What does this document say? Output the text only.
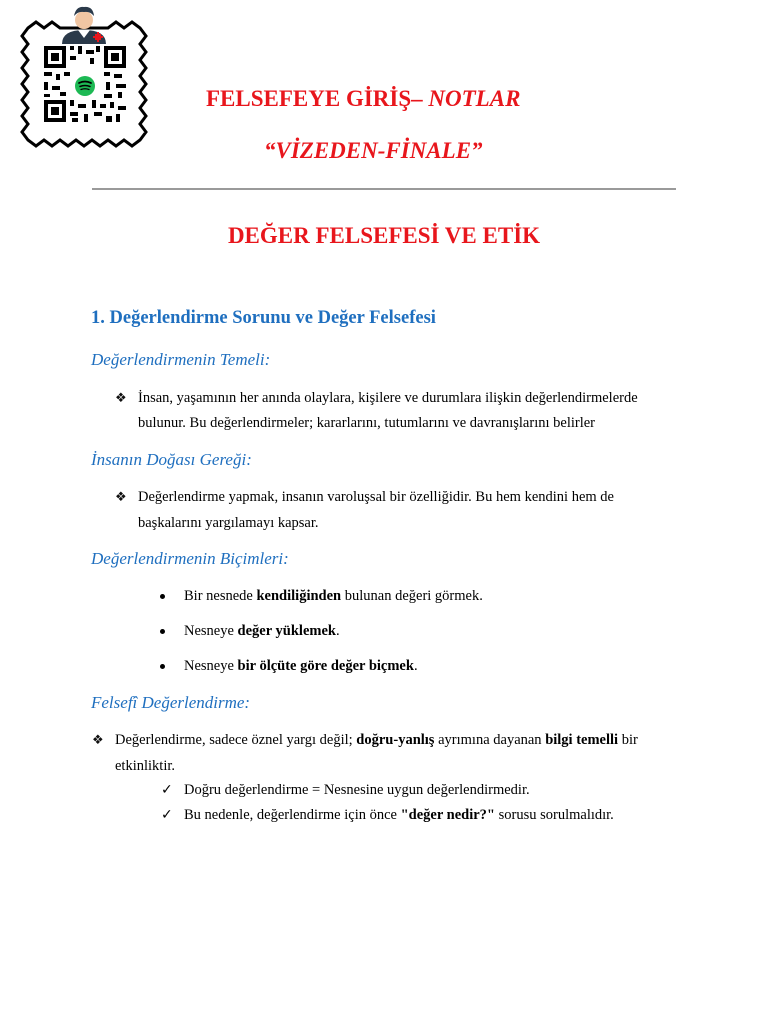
FELSEFEYE GİRİŞ– NOTLAR
“VİZEDEN-FİNALE”
DEĞER FELSEFESİ VE ETİK
1. Değerlendirme Sorunu ve Değer Felsefesi
Değerlendirmenin Temeli:
❖ İnsan, yaşamının her anında olaylara, kişilere ve durumlara ilişkin değerlendirmelerde
bulunur. Bu değerlendirmeler; kararlarını, tutumlarını ve davranışlarını belirler
İnsanın Doğası Gereği:
❖ Değerlendirme yapmak, insanın varoluşsal bir özelliğidir. Bu hem kendini hem de
başkalarını yargılamayı kapsar.
Değerlendirmenin Biçimleri:
Bir nesnede kendiliğinden bulunan değeri görmek.
Nesneye değer yüklemek.
Nesneye bir ölçüte göre değer biçmek.
Felsefî Değerlendirme:
❖ Değerlendirme, sadece öznel yargı değil; doğru-yanlış ayrımına dayanan bilgi temelli bir
etkinliktir.
✓ Doğru değerlendirme = Nesnesine uygun değerlendirmedir.
✓ Bu nedenle, değerlendirme için önce "değer nedir?" sorusu sorulmalıdır.
